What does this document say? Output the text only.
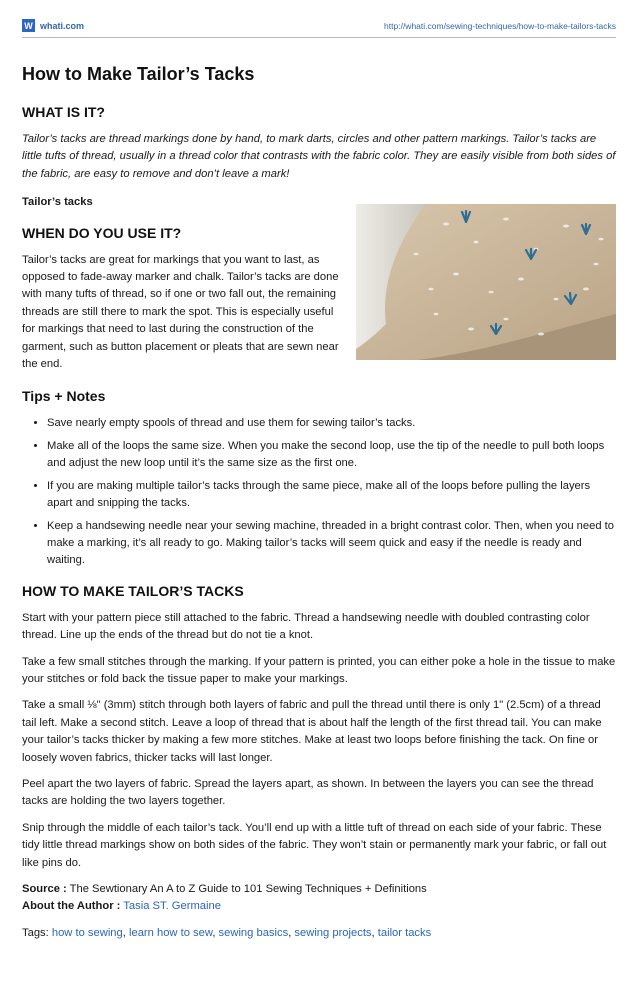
W whati.com	http://whati.com/sewing-techniques/how-to-make-tailors-tacks
How to Make Tailor’s Tacks
WHAT IS IT?

Tailor’s tacks are thread markings done by hand, to mark darts, circles and other pattern markings. Tailor’s tacks are little tufts of thread, usually in a thread color that contrasts with the fabric color. They are easily visible from both sides of the fabric, are easy to remove and don’t leave a mark!

Tailor’s tacks

WHEN DO YOU USE IT?

Tailor’s tacks are great for markings that you want to last, as opposed to fade-away marker and chalk. Tailor’s tacks are done with many tufts of thread, so if one or two fall out, the remaining threads are still there to mark the spot. This is especially useful for markings that need to last during the construction of the garment, such as button placement or pleats that are sewn near the end.

Tips + Notes
• Save nearly empty spools of thread and use them for sewing tailor’s tacks.
• Make all of the loops the same size. When you make the second loop, use the tip of the needle to pull both loops and adjust the new loop until it’s the same size as the first one.
• If you are making multiple tailor’s tacks through the same piece, make all of the loops before pulling the layers apart and snipping the tacks.
• Keep a handsewing needle near your sewing machine, threaded in a bright contrast color. Then, when you need to make a marking, it’s all ready to go. Making tailor’s tacks will seem quick and easy if the needle is ready and waiting.
HOW TO MAKE TAILOR’S TACKS

Start with your pattern piece still attached to the fabric. Thread a handsewing needle with doubled contrasting color thread. Line up the ends of the thread but do not tie a knot.

Take a few small stitches through the marking. If your pattern is printed, you can either poke a hole in the tissue to make your stitches or fold back the tissue paper to make your markings.

Take a small ⅛" (3mm) stitch through both layers of fabric and pull the thread until there is only 1" (2.5cm) of a thread tail left. Make a second stitch. Leave a loop of thread that is about half the length of the first thread tail. You can make your tailor’s tacks thicker by making a few more stitches. Make at least two loops before finishing the tack. On fine or loosely woven fabrics, thicker tacks will last longer.

Peel apart the two layers of fabric. Spread the layers apart, as shown. In between the layers you can see the thread tacks are holding the two layers together.

Snip through the middle of each tailor’s tack. You’ll end up with a little tuft of thread on each side of your fabric. These tidy little thread markings show on both sides of the fabric. They won’t stain or permanently mark your fabric, or fall out like pins do.

Source : The Sewtionary An A to Z Guide to 101 Sewing Techniques + Definitions

About the Author : Tasia ST. Germaine

Tags: how to sewing, learn how to sew, sewing basics, sewing projects, tailor tacks
